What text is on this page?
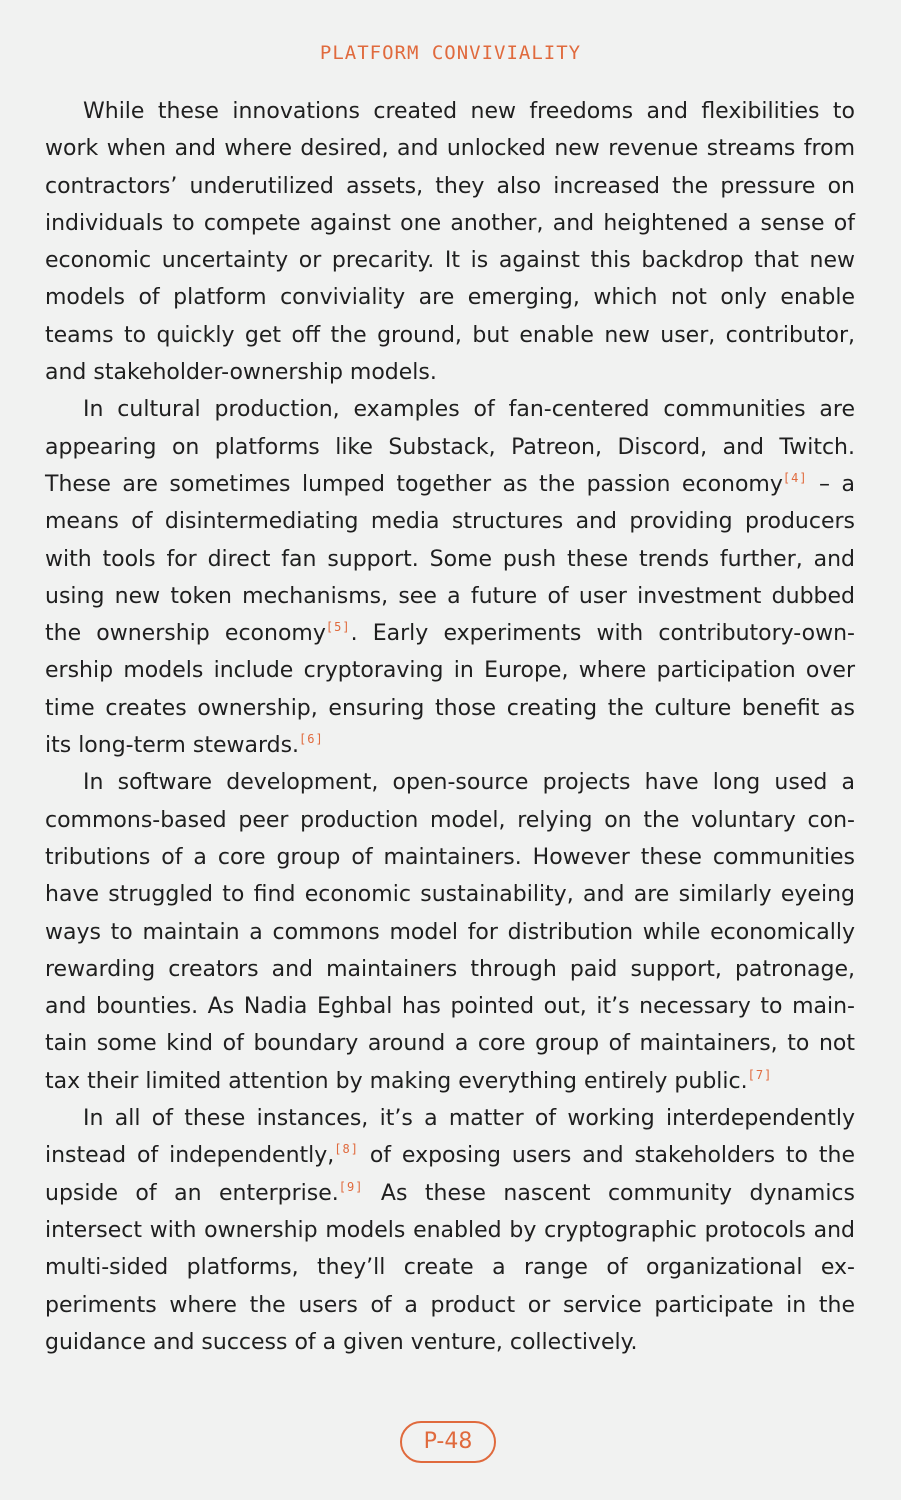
PLATFORM CONVIVIALITY

While these innovations created new freedoms and flexibilities to work when and where desired, and unlocked new revenue streams from contractors’ underutilized assets, they also increased the pressure on individuals to compete against one another, and heightened a sense of economic uncertainty or precarity. It is against this backdrop that new models of platform conviviality are emerging, which not only enable teams to quickly get off the ground, but enable new user, contributor, and stakeholder-ownership models.

In cultural production, examples of fan-centered communities are appearing on platforms like Substack, Patreon, Discord, and Twitch. These are sometimes lumped together as the passion economy[4] – a means of disintermediating media structures and providing producers with tools for direct fan support. Some push these trends further, and using new token mechanisms, see a future of user investment dubbed the ownership economy[5]. Early experiments with contributory-ownership models include cryptoraving in Europe, where participation over time creates ownership, ensuring those creating the culture benefit as its long-term stewards.[6]

In software development, open-source projects have long used a commons-based peer production model, relying on the voluntary contributions of a core group of maintainers. However these communities have struggled to find economic sustainability, and are similarly eyeing ways to maintain a commons model for distribution while economically rewarding creators and maintainers through paid support, patronage, and bounties. As Nadia Eghbal has pointed out, it’s necessary to maintain some kind of boundary around a core group of maintainers, to not tax their limited attention by making everything entirely public.[7]

In all of these instances, it’s a matter of working interdependently instead of independently,[8] of exposing users and stakeholders to the upside of an enterprise.[9] As these nascent community dynamics intersect with ownership models enabled by cryptographic protocols and multi-sided platforms, they’ll create a range of organizational experiments where the users of a product or service participate in the guidance and success of a given venture, collectively.

P-48
